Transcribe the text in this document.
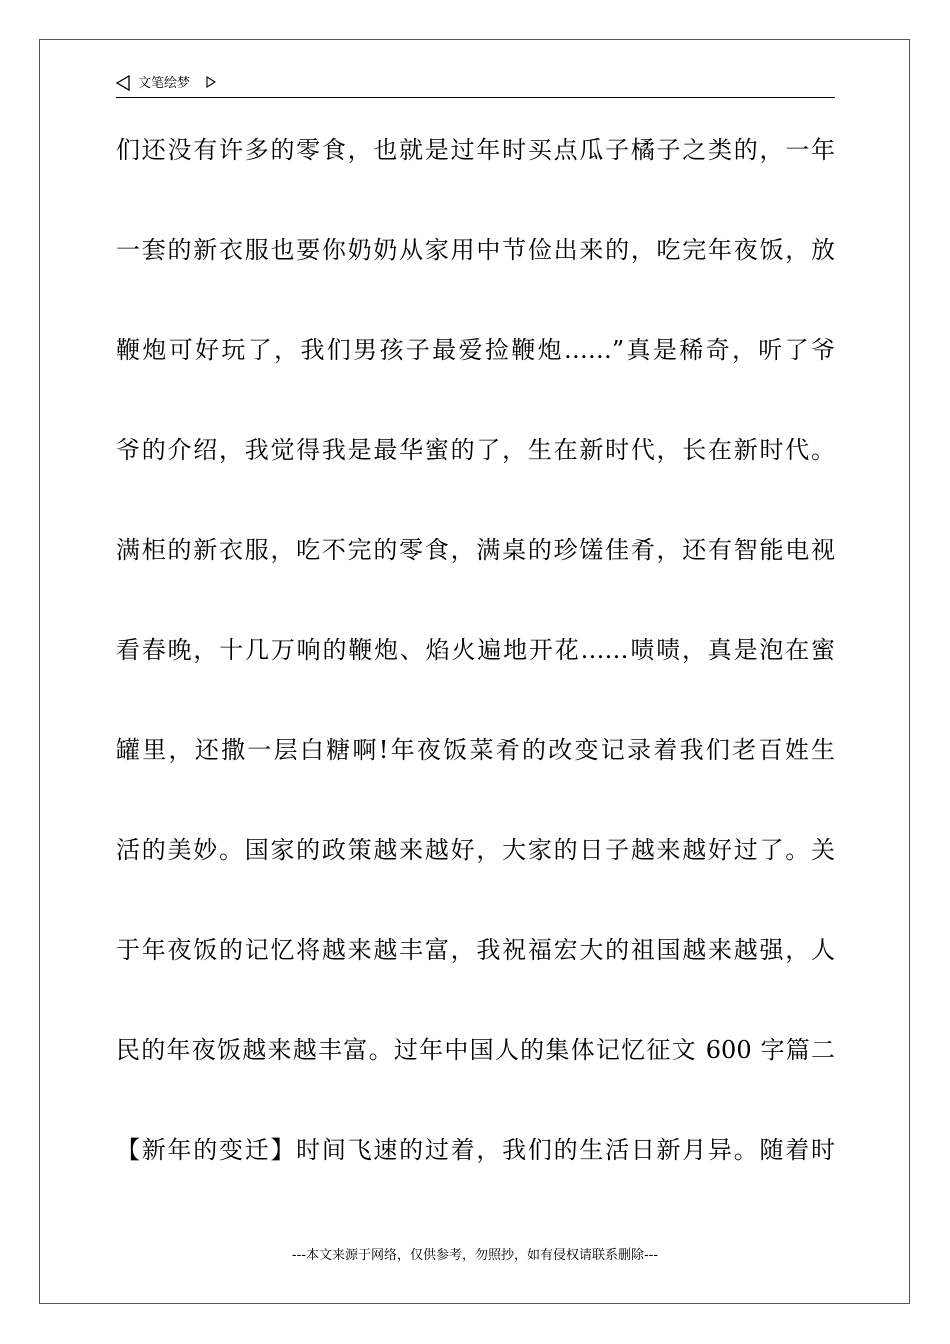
文笔绘梦
们还没有许多的零食，也就是过年时买点瓜子橘子之类的，一年
一套的新衣服也要你奶奶从家用中节俭出来的，吃完年夜饭，放
鞭炮可好玩了，我们男孩子最爱捡鞭炮……”真是稀奇，听了爷
爷的介绍，我觉得我是最华蜜的了，生在新时代，长在新时代。
满柜的新衣服，吃不完的零食，满桌的珍馐佳肴，还有智能电视
看春晚，十几万响的鞭炮、焰火遍地开花……啧啧，真是泡在蜜
罐里，还撒一层白糖啊!年夜饭菜肴的改变记录着我们老百姓生
活的美妙。国家的政策越来越好，大家的日子越来越好过了。关
于年夜饭的记忆将越来越丰富，我祝福宏大的祖国越来越强，人
民的年夜饭越来越丰富。过年中国人的集体记忆征文 600 字篇二
【新年的变迁】时间飞速的过着，我们的生活日新月异。随着时
---本文来源于网络，仅供参考，勿照抄，如有侵权请联系删除---
